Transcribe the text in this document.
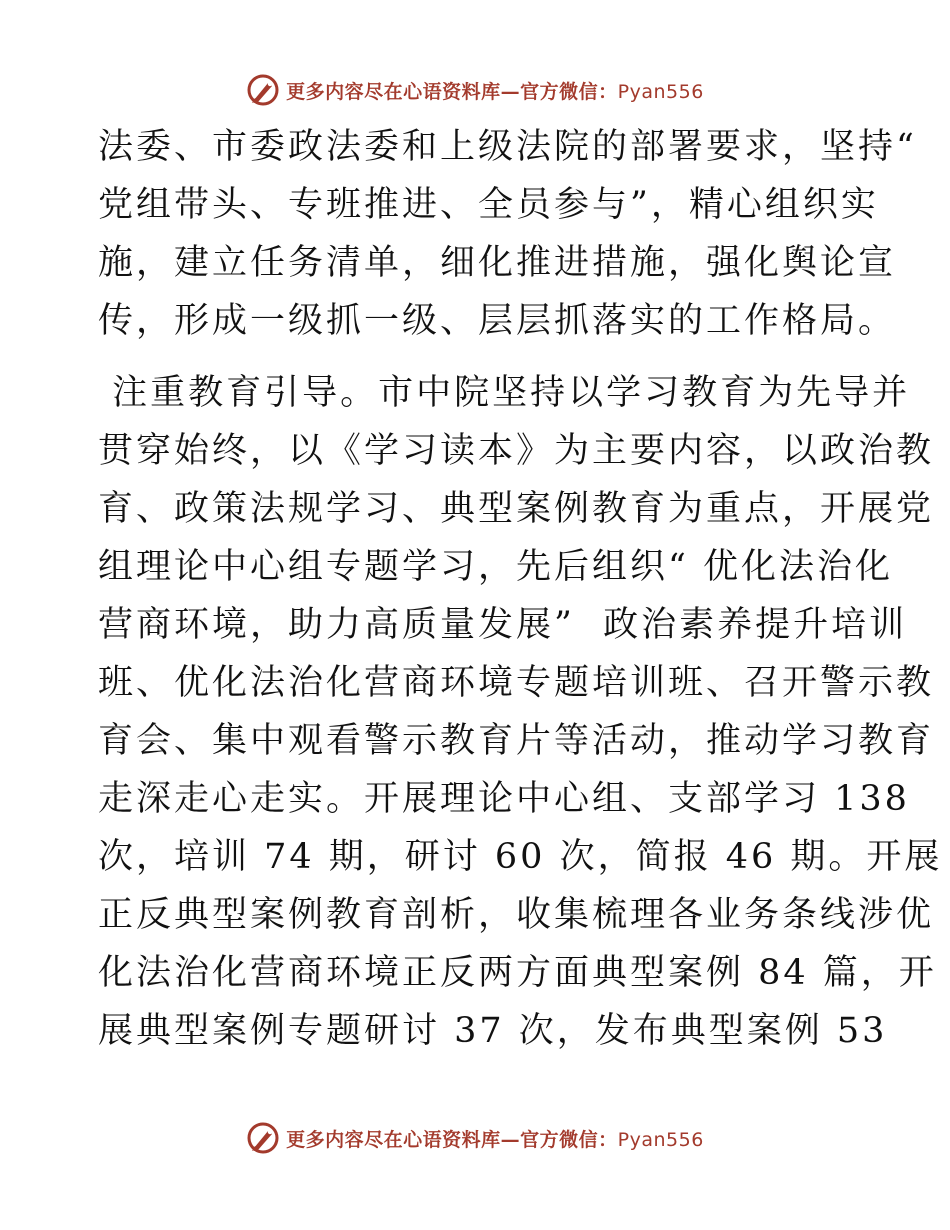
更多内容尽在心语资料库—官方微信：Pyan556
法委、市委政法委和上级法院的部署要求，坚持“
党组带头、专班推进、全员参与”，精心组织实
施，建立任务清单，细化推进措施，强化舆论宣
传，形成一级抓一级、层层抓落实的工作格局。
注重教育引导。市中院坚持以学习教育为先导并
贯穿始终，以《学习读本》为主要内容，以政治教
育、政策法规学习、典型案例教育为重点，开展党
组理论中心组专题学习，先后组织“ 优化法治化
营商环境，助力高质量发展”  政治素养提升培训
班、优化法治化营商环境专题培训班、召开警示教
育会、集中观看警示教育片等活动，推动学习教育
走深走心走实。开展理论中心组、支部学习 138
次，培训 74 期，研讨 60 次，简报 46 期。开展
正反典型案例教育剖析，收集梳理各业务条线涉优
化法治化营商环境正反两方面典型案例 84 篇，开
展典型案例专题研讨 37 次，发布典型案例 53
更多内容尽在心语资料库—官方微信：Pyan556
